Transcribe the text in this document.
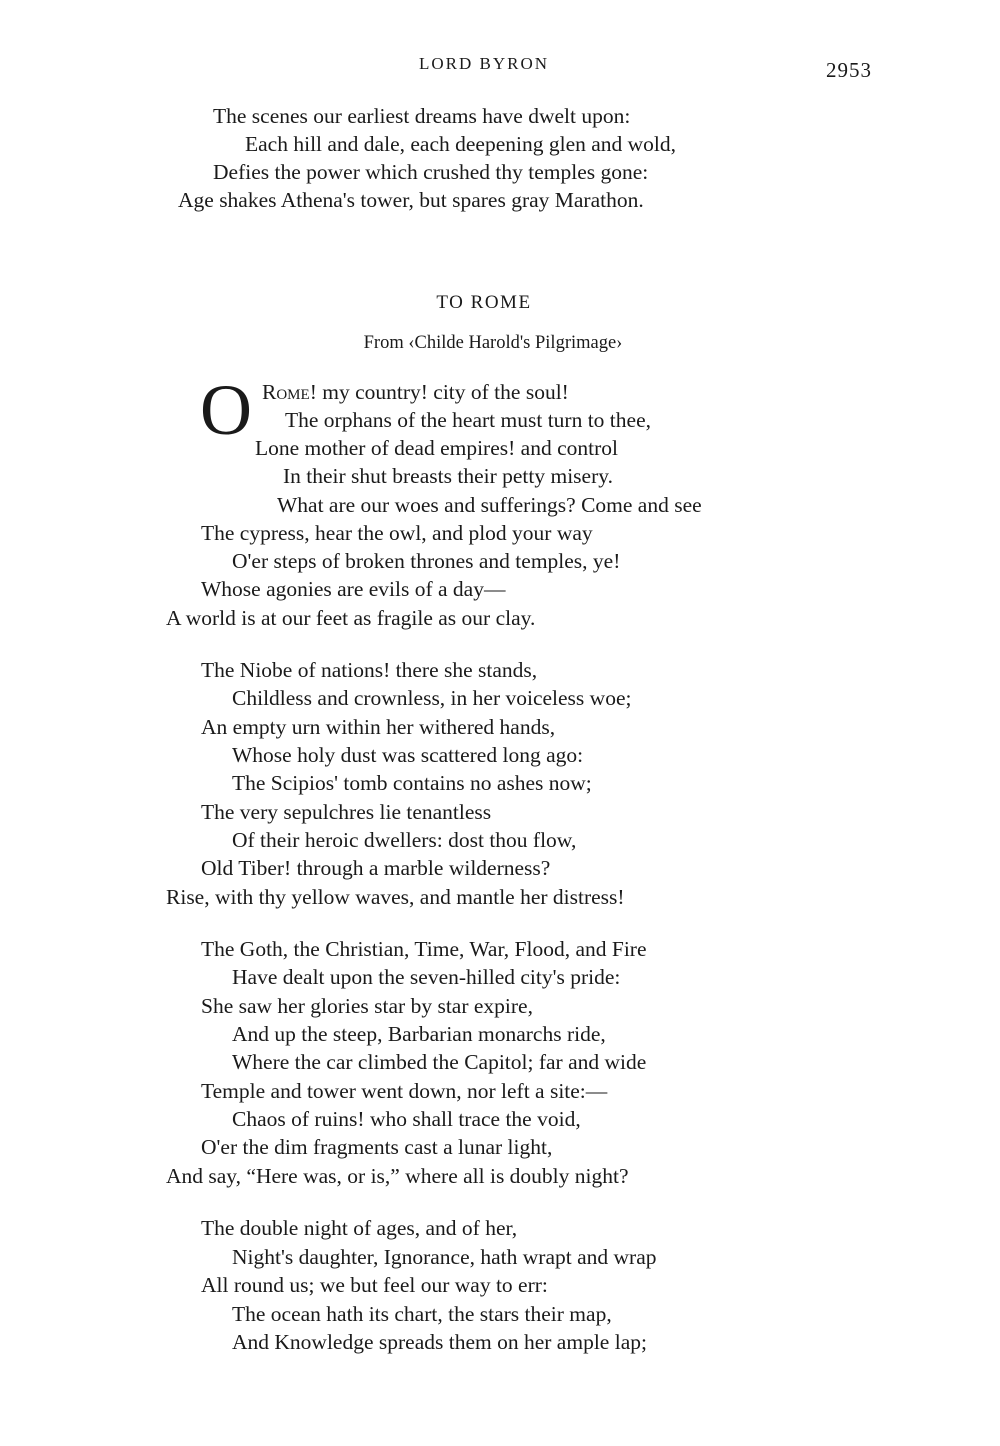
LORD BYRON	2953
The scenes our earliest dreams have dwelt upon:
Each hill and dale, each deepening glen and wold,
Defies the power which crushed thy temples gone:
Age shakes Athena's tower, but spares gray Marathon.
TO ROME
From ‹Childe Harold's Pilgrimage›
O Rome! my country! city of the soul!
The orphans of the heart must turn to thee,
Lone mother of dead empires! and control
In their shut breasts their petty misery.
What are our woes and sufferings? Come and see
The cypress, hear the owl, and plod your way
O'er steps of broken thrones and temples, ye!
Whose agonies are evils of a day—
A world is at our feet as fragile as our clay.
The Niobe of nations! there she stands,
Childless and crownless, in her voiceless woe;
An empty urn within her withered hands,
Whose holy dust was scattered long ago:
The Scipios' tomb contains no ashes now;
The very sepulchres lie tenantless
Of their heroic dwellers: dost thou flow,
Old Tiber! through a marble wilderness?
Rise, with thy yellow waves, and mantle her distress!
The Goth, the Christian, Time, War, Flood, and Fire
Have dealt upon the seven-hilled city's pride:
She saw her glories star by star expire,
And up the steep, Barbarian monarchs ride,
Where the car climbed the Capitol; far and wide
Temple and tower went down, nor left a site:—
Chaos of ruins! who shall trace the void,
O'er the dim fragments cast a lunar light,
And say, “Here was, or is,” where all is doubly night?
The double night of ages, and of her,
Night's daughter, Ignorance, hath wrapt and wrap
All round us; we but feel our way to err:
The ocean hath its chart, the stars their map,
And Knowledge spreads them on her ample lap;
